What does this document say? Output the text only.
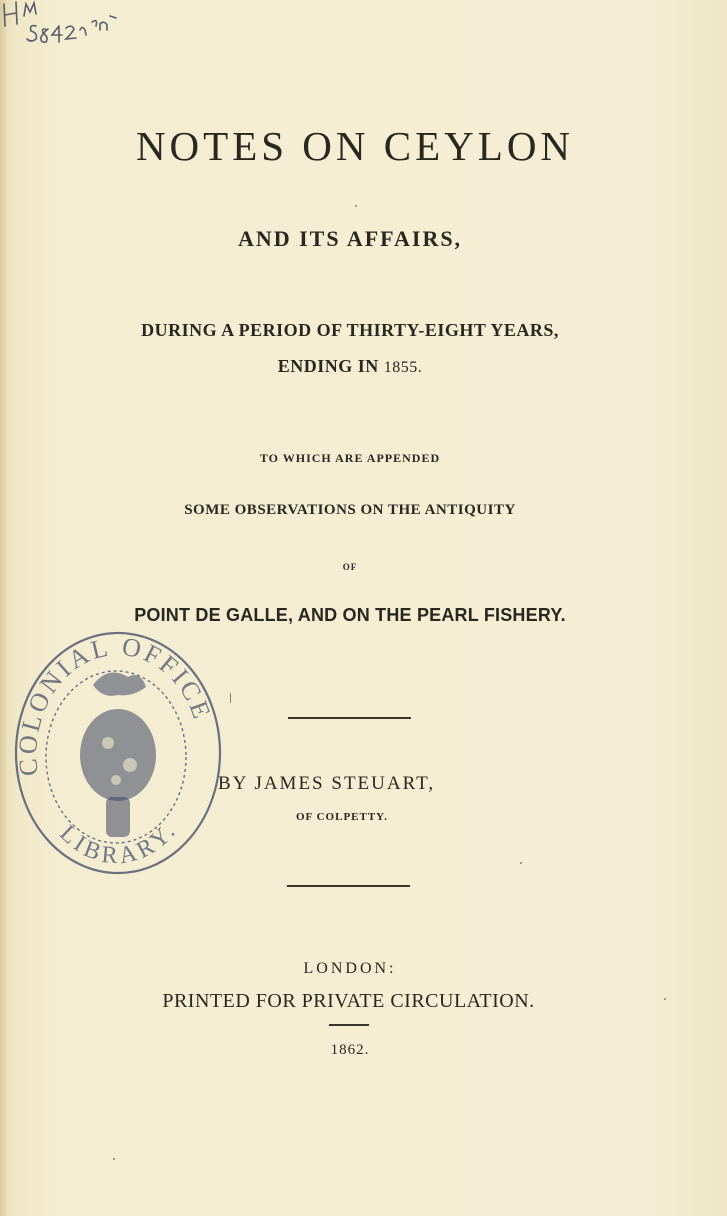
NOTES ON CEYLON
AND ITS AFFAIRS,
DURING A PERIOD OF THIRTY-EIGHT YEARS,
ENDING IN 1855.
TO WHICH ARE APPENDED
SOME OBSERVATIONS ON THE ANTIQUITY
OF
POINT DE GALLE, AND ON THE PEARL FISHERY.
BY JAMES STEUART,
OF COLPETTY.
LONDON:
PRINTED FOR PRIVATE CIRCULATION.
1862.
COLONIAL OFFICE
LIBRARY.
